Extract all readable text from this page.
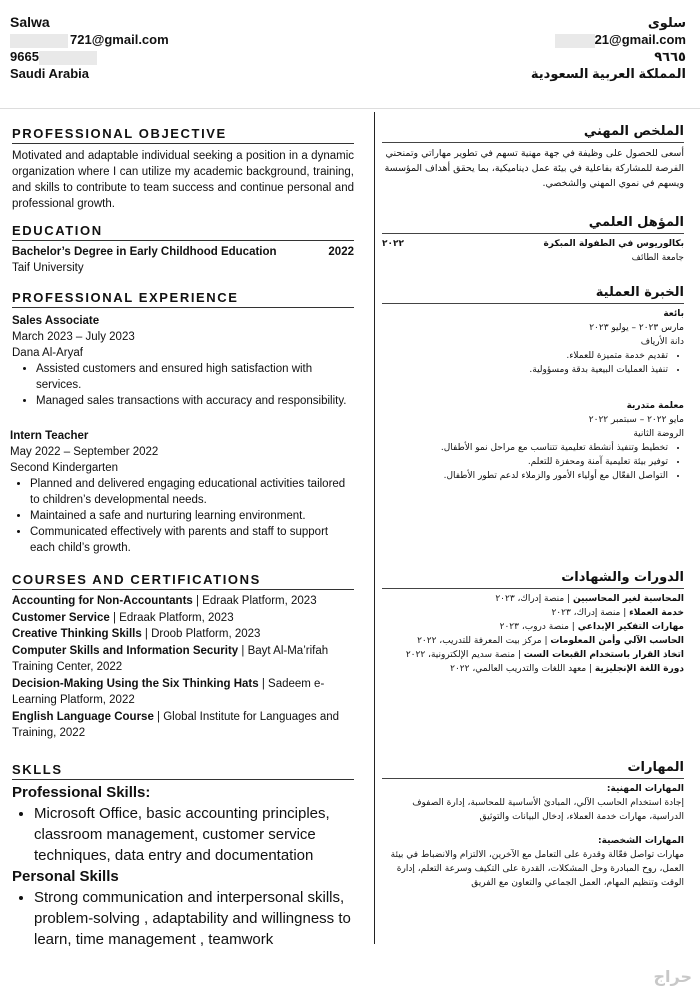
Salwa
721@gmail.com
9665
Saudi Arabia
سلوى
21@gmail.com
٩٦٦٥
المملكة العربية السعودية
PROFESSIONAL OBJECTIVE
Motivated and adaptable individual seeking a position in a dynamic organization where I can utilize my academic background, training, and skills to contribute to team success and continue personal and professional growth.
EDUCATION
Bachelor’s Degree in Early Childhood Education	2022
Taif University
PROFESSIONAL EXPERIENCE
Sales Associate
March 2023 – July 2023
Dana Al-Aryaf
• Assisted customers and ensured high satisfaction with services.
• Managed sales transactions with accuracy and responsibility.
Intern Teacher
May 2022 – September 2022
Second Kindergarten
• Planned and delivered engaging educational activities tailored to children’s developmental needs.
• Maintained a safe and nurturing learning environment.
• Communicated effectively with parents and staff to support each child’s growth.
COURSES AND CERTIFICATIONS
Accounting for Non-Accountants | Edraak Platform, 2023
Customer Service | Edraak Platform, 2023
Creative Thinking Skills | Droob Platform, 2023
Computer Skills and Information Security | Bayt Al-Ma’rifah Training Center, 2022
Decision-Making Using the Six Thinking Hats | Sadeem e-Learning Platform, 2022
English Language Course | Global Institute for Languages and Training, 2022
SKLLS
Professional Skills:
• Microsoft Office, basic accounting principles, classroom management, customer service techniques, data entry and documentation
Personal Skills
• Strong communication and interpersonal skills, problem-solving , adaptability and willingness to learn, time management , teamwork
الملخص المهني
أسعى للحصول على وظيفة في جهة مهنية تسهم في تطوير مهاراتي وتمنحني الفرصة للمشاركة بفاعلية في بيئة عمل ديناميكية، بما يحقق أهداف المؤسسة ويسهم في نموي المهني والشخصي.
المؤهل العلمي
بكالوريوس في الطفولة المبكرة
٢٠٢٢
جامعة الطائف
الخبرة العملية
بائعة
مارس ٢٠٢٣ – يوليو ٢٠٢٣
دانة الأرياف
• تقديم خدمة متميزة للعملاء.
• تنفيذ العمليات البيعية بدقة ومسؤولية.
معلمة متدربة
مايو ٢٠٢٢ – سبتمبر ٢٠٢٢
الروضة الثانية
• تخطيط وتنفيذ أنشطة تعليمية تتناسب مع مراحل نمو الأطفال.
• توفير بيئة تعليمية آمنة ومحفزة للتعلم.
• التواصل الفعّال مع أولياء الأمور والزملاء لدعم تطور الأطفال.
الدورات والشهادات
المحاسبة لغير المحاسبين | منصة إدراك، ٢٠٢٣
خدمة العملاء | منصة إدراك، ٢٠٢٣
مهارات التفكير الإبداعي | منصة دروب، ٢٠٢٣
الحاسب الآلي وأمن المعلومات | مركز بيت المعرفة للتدريب، ٢٠٢٢
اتخاذ القرار باستخدام القبعات الست | منصة سديم الإلكترونية، ٢٠٢٢
دورة اللغة الإنجليزية | معهد اللغات والتدريب العالمي، ٢٠٢٢
المهارات
المهارات المهنية:
إجادة استخدام الحاسب الآلي، المبادئ الأساسية للمحاسبة، إدارة الصفوف الدراسية، مهارات خدمة العملاء، إدخال البيانات والتوثيق
المهارات الشخصية:
مهارات تواصل فعّالة وقدرة على التعامل مع الآخرين، الالتزام والانضباط في بيئة العمل، روح المبادرة وحل المشكلات، القدرة على التكيف وسرعة التعلم، إدارة الوقت وتنظيم المهام، العمل الجماعي والتعاون مع الفريق
حراج
